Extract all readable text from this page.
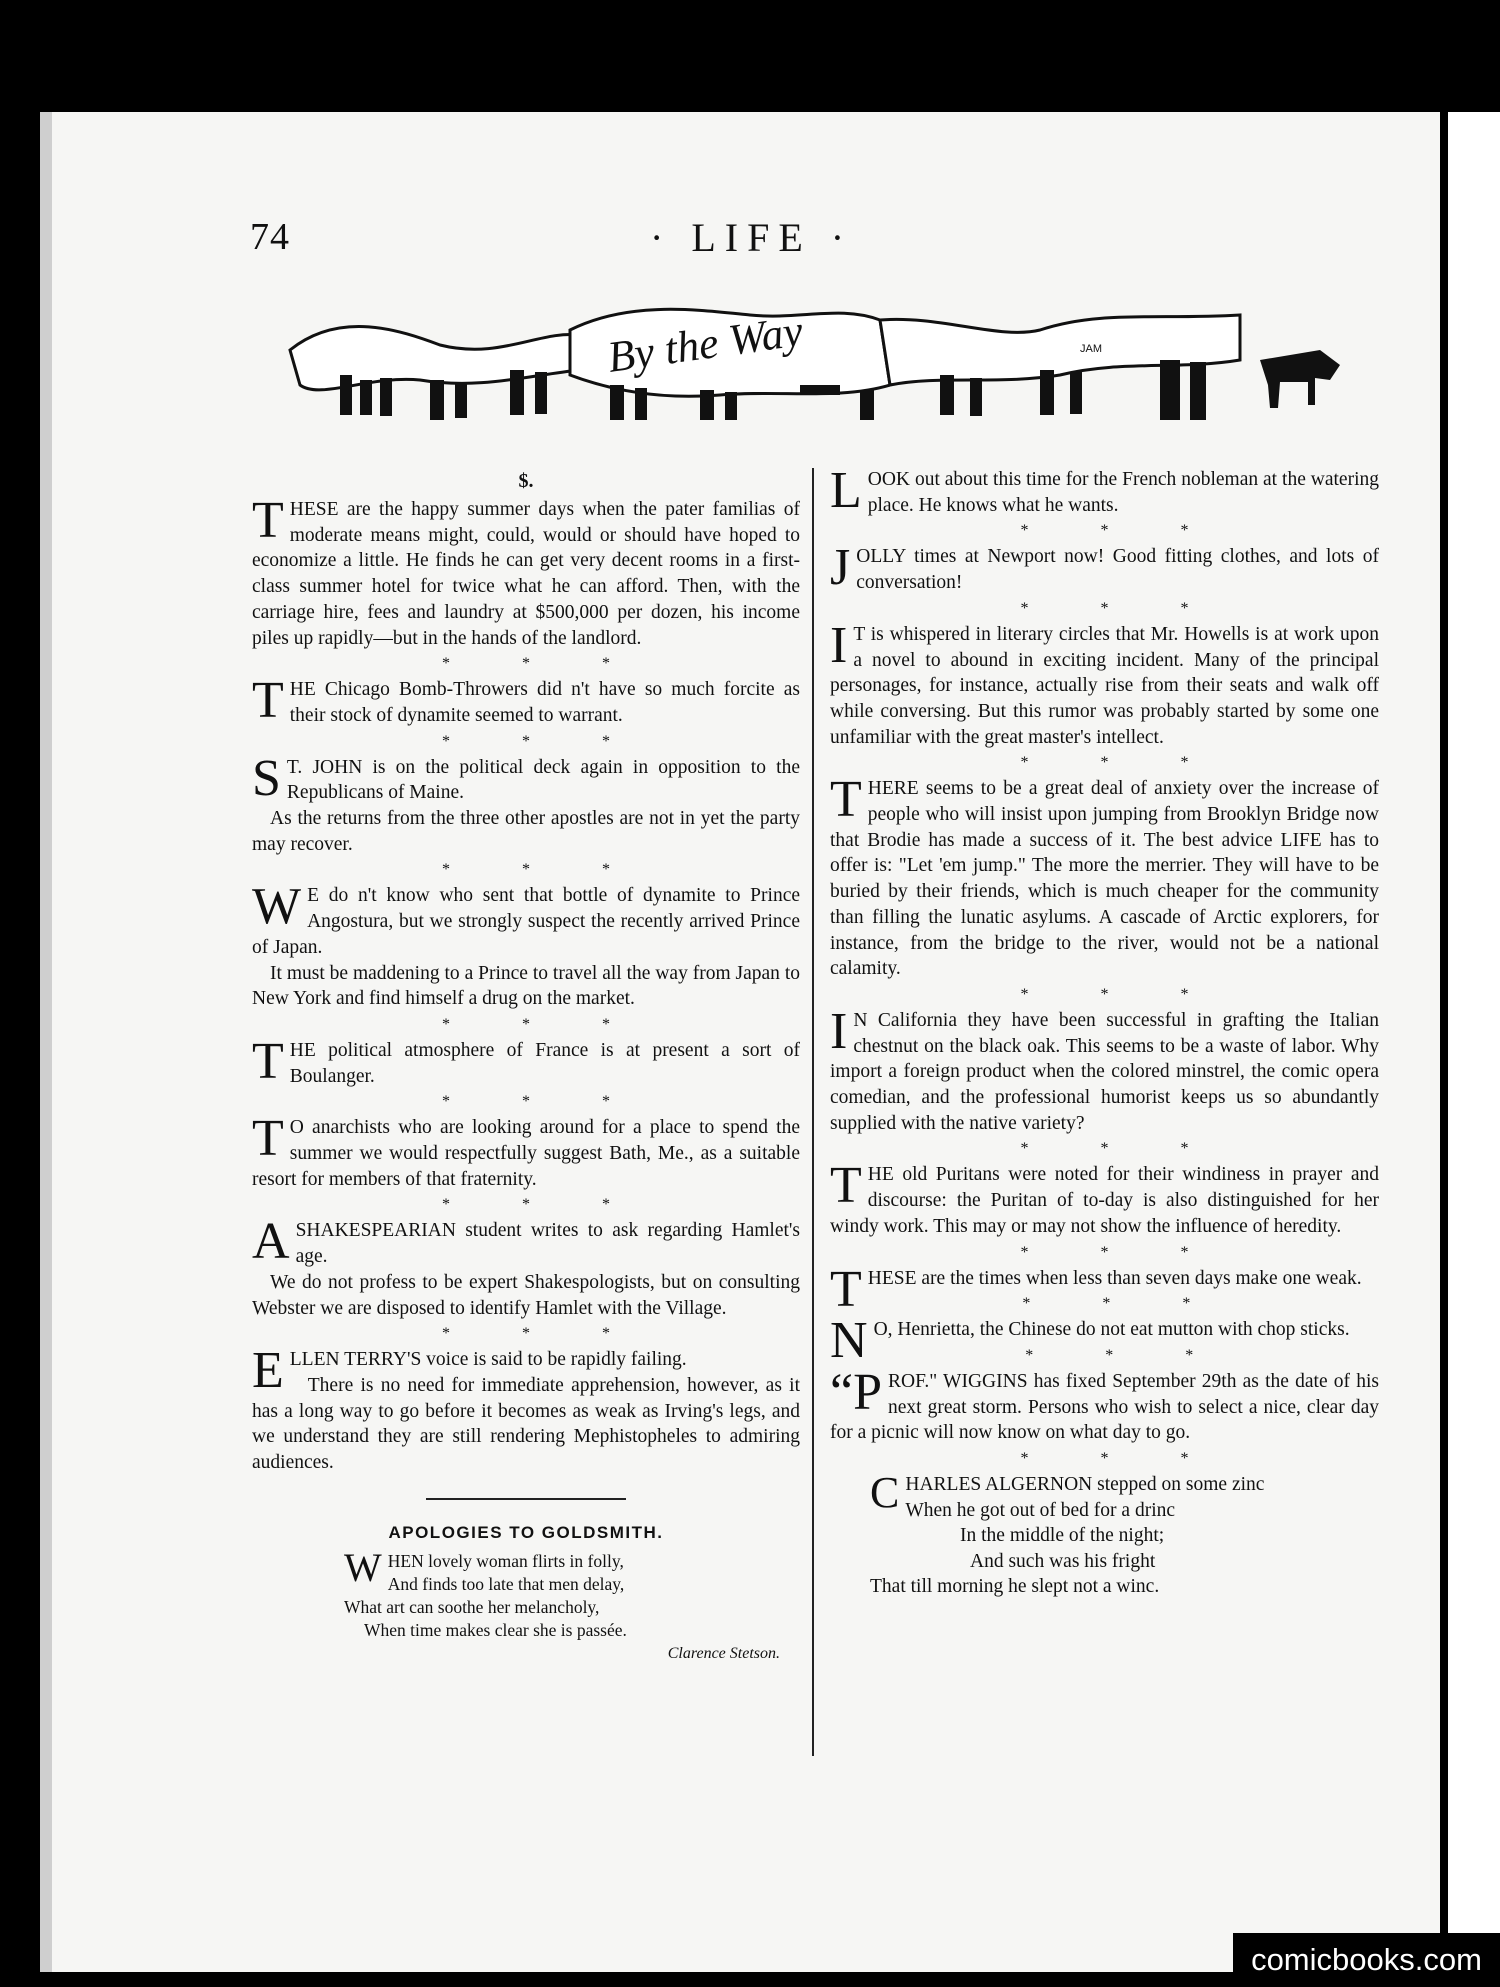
74	· LIFE ·
By the Way	JAM
$.
T HESE are the happy summer days when the pater familias of moderate means might, could, would or should have hoped to economize a little. He finds he can get very decent rooms in a first-class summer hotel for twice what he can afford. Then, with the carriage hire, fees and laundry at $500,000 per dozen, his income piles up rapidly—but in the hands of the landlord.

* * *
T HE Chicago Bomb-Throwers did n't have so much forcite as their stock of dynamite seemed to warrant.

* * *
S T. JOHN is on the political deck again in opposition to the Republicans of Maine.

As the returns from the three other apostles are not in yet the party may recover.

* * *
W E do n't know who sent that bottle of dynamite to Prince Angostura, but we strongly suspect the recently arrived Prince of Japan.

It must be maddening to a Prince to travel all the way from Japan to New York and find himself a drug on the market.

* * *
T HE political atmosphere of France is at present a sort of Boulanger.

* * *
T O anarchists who are looking around for a place to spend the summer we would respectfully suggest Bath, Me., as a suitable resort for members of that fraternity.

* * *
A SHAKESPEARIAN student writes to ask regarding Hamlet's age.

We do not profess to be expert Shakespologists, but on consulting Webster we are disposed to identify Hamlet with the Village.

* * *
E LLEN TERRY'S voice is said to be rapidly failing.

There is no need for immediate apprehension, however, as it has a long way to go before it becomes as weak as Irving's legs, and we understand they are still rendering Mephistopheles to admiring audiences.

APOLOGIES TO GOLDSMITH.
WHEN lovely woman flirts in folly,
And finds too late that men delay,
What art can soothe her melancholy,
When time makes clear she is passée.
Clarence Stetson.
L OOK out about this time for the French nobleman at the watering place. He knows what he wants.

* * *
J OLLY times at Newport now! Good fitting clothes, and lots of conversation!

* * *
I T is whispered in literary circles that Mr. Howells is at work upon a novel to abound in exciting incident. Many of the principal personages, for instance, actually rise from their seats and walk off while conversing. But this rumor was probably started by some one unfamiliar with the great master's intellect.

* * *
T HERE seems to be a great deal of anxiety over the increase of people who will insist upon jumping from Brooklyn Bridge now that Brodie has made a success of it. The best advice LIFE has to offer is: "Let 'em jump." The more the merrier. They will have to be buried by their friends, which is much cheaper for the community than filling the lunatic asylums. A cascade of Arctic explorers, for instance, from the bridge to the river, would not be a national calamity.

* * *
I N California they have been successful in grafting the Italian chestnut on the black oak. This seems to be a waste of labor. Why import a foreign product when the colored minstrel, the comic opera comedian, and the professional humorist keeps us so abundantly supplied with the native variety?

* * *
T HE old Puritans were noted for their windiness in prayer and discourse: the Puritan of to-day is also distinguished for her windy work. This may or may not show the influence of heredity.

* * *
T HESE are the times when less than seven days make one weak.

* * *
N O, Henrietta, the Chinese do not eat mutton with chop sticks.

* * *
“P ROF." WIGGINS has fixed September 29th as the date of his next great storm. Persons who wish to select a nice, clear day for a picnic will now know on what day to go.

* * *
CHARLES ALGERNON stepped on some zinc
When he got out of bed for a drinc
In the middle of the night;
And such was his fright
That till morning he slept not a winc.
comicbooks.com
